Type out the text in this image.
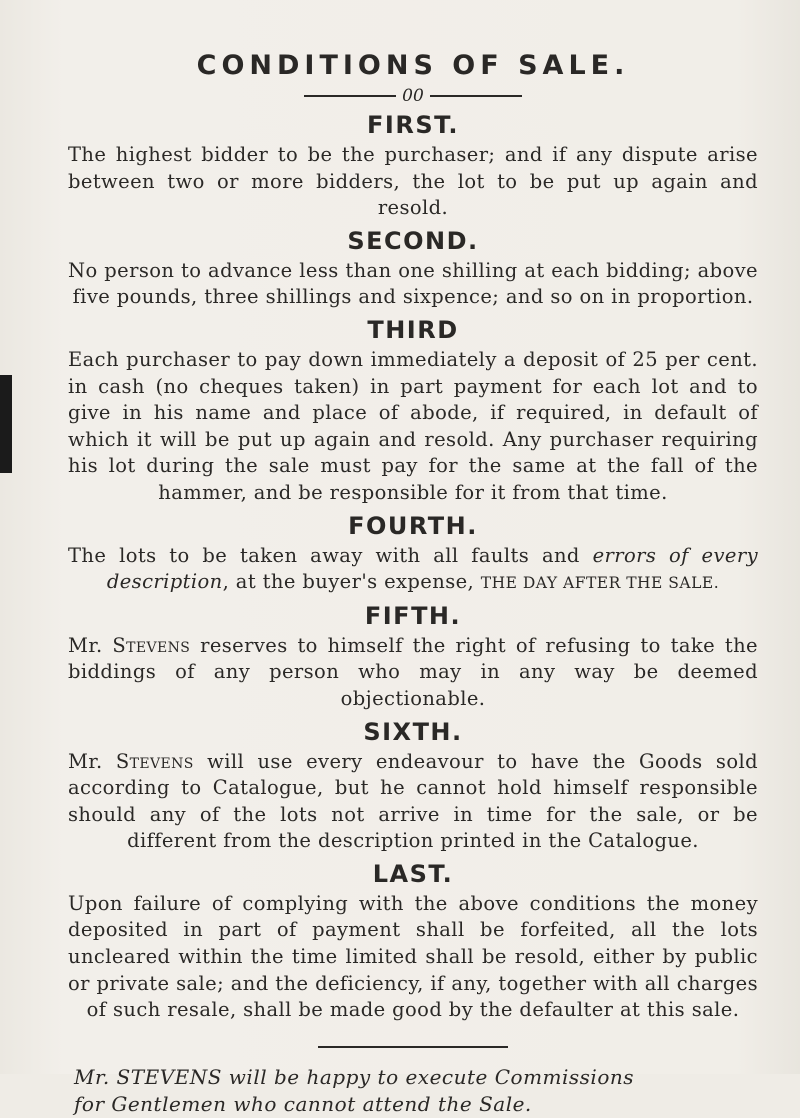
CONDITIONS OF SALE.
00
FIRST.

The highest bidder to be the purchaser; and if any dispute arise between two or more bidders, the lot to be put up again and resold.

SECOND.

No person to advance less than one shilling at each bidding; above five pounds, three shillings and sixpence; and so on in proportion.

THIRD

Each purchaser to pay down immediately a deposit of 25 per cent. in cash (no cheques taken) in part payment for each lot and to give in his name and place of abode, if required, in default of which it will be put up again and resold. Any purchaser requiring his lot during the sale must pay for the same at the fall of the hammer, and be responsible for it from that time.

FOURTH.

The lots to be taken away with all faults and errors of every description, at the buyer's expense, THE DAY AFTER THE SALE.

FIFTH.

Mr. Stevens reserves to himself the right of refusing to take the biddings of any person who may in any way be deemed objectionable.

SIXTH.

Mr. Stevens will use every endeavour to have the Goods sold according to Catalogue, but he cannot hold himself responsible should any of the lots not arrive in time for the sale, or be different from the description printed in the Catalogue.

LAST.

Upon failure of complying with the above conditions the money deposited in part of payment shall be forfeited, all the lots uncleared within the time limited shall be resold, either by public or private sale; and the deficiency, if any, together with all charges of such resale, shall be made good by the defaulter at this sale.

Mr. STEVENS will be happy to execute Commissions

for Gentlemen who cannot attend the Sale.
